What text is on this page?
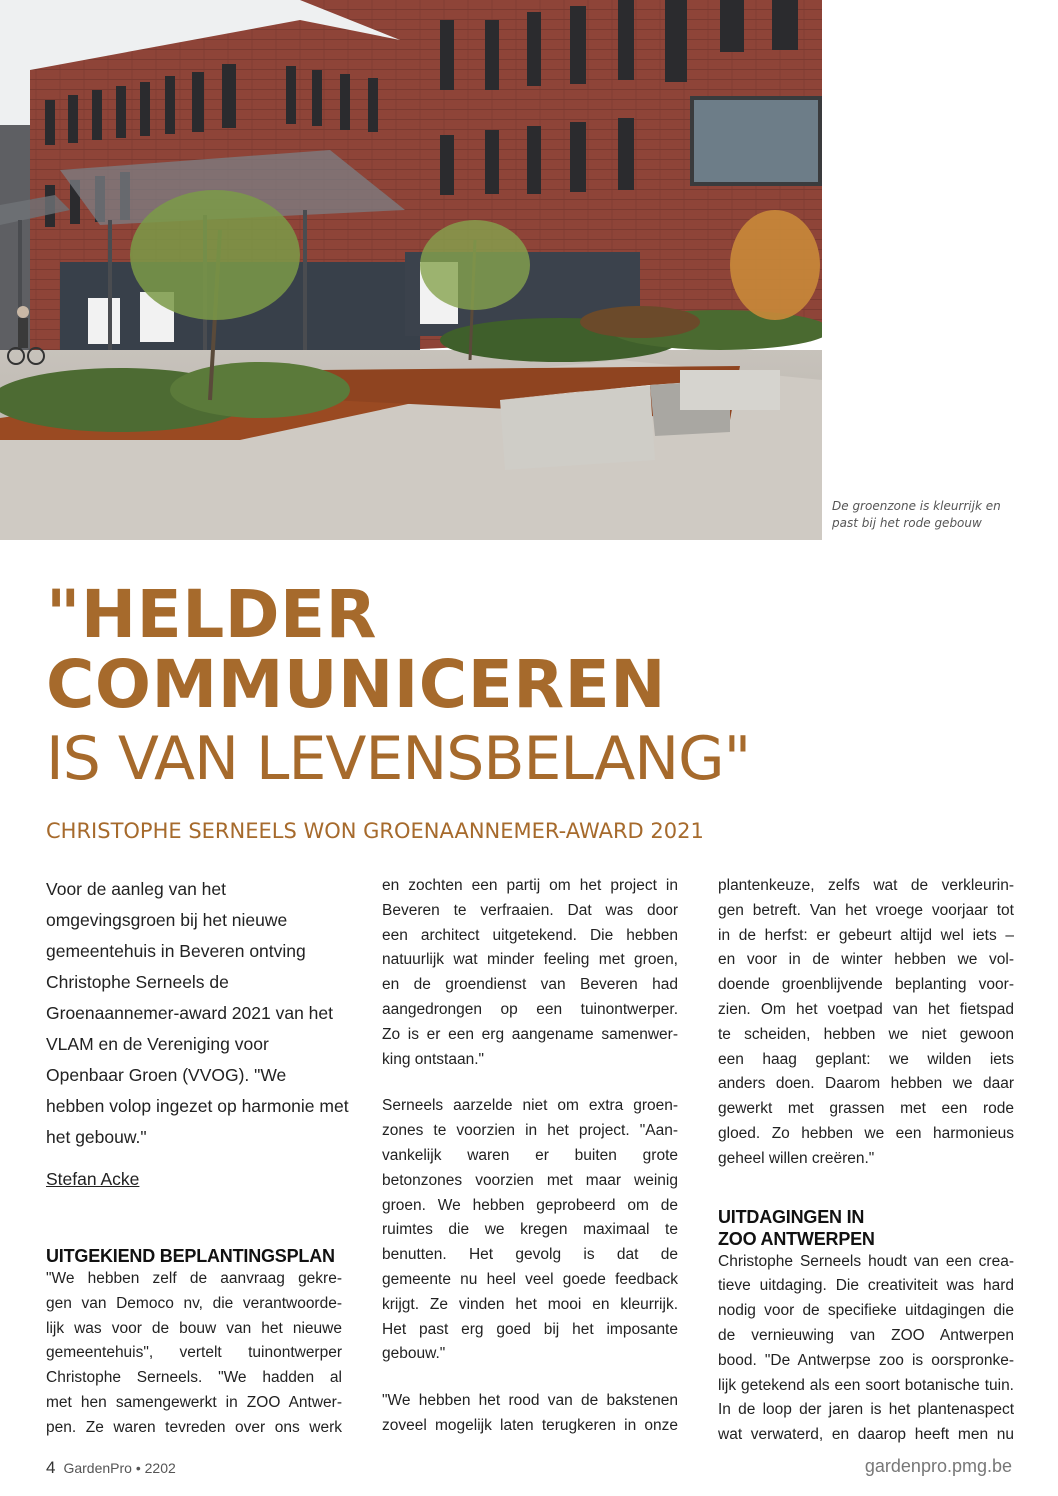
De groenzone is kleurrijk en
past bij het rode gebouw
"HELDER
COMMUNICEREN
IS VAN LEVENSBELANG"
CHRISTOPHE SERNEELS WON GROENAANNEMER-AWARD 2021

Voor de aanleg van het
omgevingsgroen bij het nieuwe
gemeentehuis in Beveren ontving
Christophe Serneels de
Groenaannemer-award 2021 van het
VLAM en de Vereniging voor
Openbaar Groen (VVOG). "We
hebben volop ingezet op harmonie met
het gebouw."

Stefan Acke
UITGEKIEND BEPLANTINGSPLAN

"We hebben zelf de aanvraag gekre-
gen van Democo nv, die verantwoorde-
lijk was voor de bouw van het nieuwe
gemeentehuis", vertelt tuinontwerper
Christophe Serneels. "We hadden al
met hen samengewerkt in ZOO Antwer-
pen. Ze waren tevreden over ons werk

en zochten een partij om het project in
Beveren te verfraaien. Dat was door
een architect uitgetekend. Die hebben
natuurlijk wat minder feeling met groen,
en de groendienst van Beveren had
aangedrongen op een tuinontwerper.
Zo is er een erg aangename samenwer-
king ontstaan."

Serneels aarzelde niet om extra groen-
zones te voorzien in het project. "Aan-
vankelijk waren er buiten grote
betonzones voorzien met maar weinig
groen. We hebben geprobeerd om de
ruimtes die we kregen maximaal te
benutten. Het gevolg is dat de
gemeente nu heel veel goede feedback
krijgt. Ze vinden het mooi en kleurrijk.
Het past erg goed bij het imposante
gebouw."

"We hebben het rood van de bakstenen
zoveel mogelijk laten terugkeren in onze

plantenkeuze, zelfs wat de verkleurin-
gen betreft. Van het vroege voorjaar tot
in de herfst: er gebeurt altijd wel iets –
en voor in de winter hebben we vol-
doende groenblijvende beplanting voor-
zien. Om het voetpad van het fietspad
te scheiden, hebben we niet gewoon
een haag geplant: we wilden iets
anders doen. Daarom hebben we daar
gewerkt met grassen met een rode
gloed. Zo hebben we een harmonieus
geheel willen creëren."

UITDAGINGEN IN
ZOO ANTWERPEN

Christophe Serneels houdt van een crea-
tieve uitdaging. Die creativiteit was hard
nodig voor de specifieke uitdagingen die
de vernieuwing van ZOO Antwerpen
bood. "De Antwerpse zoo is oorspronke-
lijk getekend als een soort botanische tuin.
In de loop der jaren is het plantenaspect
wat verwaterd, en daarop heeft men nu

4 GardenPro • 2202	gardenpro.pmg.be
